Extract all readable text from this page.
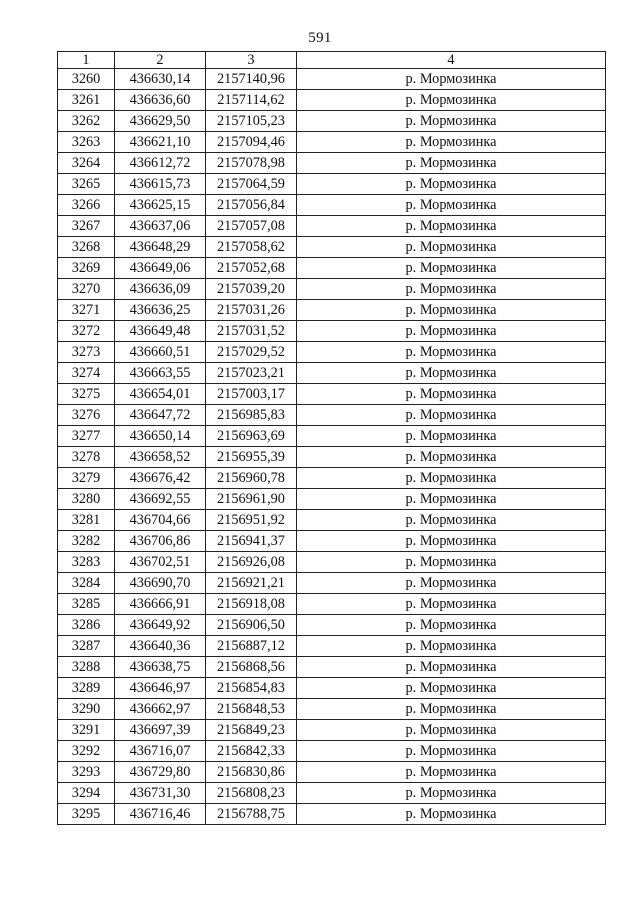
591
1	2	3	4
3260	436630,14	2157140,96	р. Мормозинка
3261	436636,60	2157114,62	р. Мормозинка
3262	436629,50	2157105,23	р. Мормозинка
3263	436621,10	2157094,46	р. Мормозинка
3264	436612,72	2157078,98	р. Мормозинка
3265	436615,73	2157064,59	р. Мормозинка
3266	436625,15	2157056,84	р. Мормозинка
3267	436637,06	2157057,08	р. Мормозинка
3268	436648,29	2157058,62	р. Мормозинка
3269	436649,06	2157052,68	р. Мормозинка
3270	436636,09	2157039,20	р. Мормозинка
3271	436636,25	2157031,26	р. Мормозинка
3272	436649,48	2157031,52	р. Мормозинка
3273	436660,51	2157029,52	р. Мормозинка
3274	436663,55	2157023,21	р. Мормозинка
3275	436654,01	2157003,17	р. Мормозинка
3276	436647,72	2156985,83	р. Мормозинка
3277	436650,14	2156963,69	р. Мормозинка
3278	436658,52	2156955,39	р. Мормозинка
3279	436676,42	2156960,78	р. Мормозинка
3280	436692,55	2156961,90	р. Мормозинка
3281	436704,66	2156951,92	р. Мормозинка
3282	436706,86	2156941,37	р. Мормозинка
3283	436702,51	2156926,08	р. Мормозинка
3284	436690,70	2156921,21	р. Мормозинка
3285	436666,91	2156918,08	р. Мормозинка
3286	436649,92	2156906,50	р. Мормозинка
3287	436640,36	2156887,12	р. Мормозинка
3288	436638,75	2156868,56	р. Мормозинка
3289	436646,97	2156854,83	р. Мормозинка
3290	436662,97	2156848,53	р. Мормозинка
3291	436697,39	2156849,23	р. Мормозинка
3292	436716,07	2156842,33	р. Мормозинка
3293	436729,80	2156830,86	р. Мормозинка
3294	436731,30	2156808,23	р. Мормозинка
3295	436716,46	2156788,75	р. Мормозинка
